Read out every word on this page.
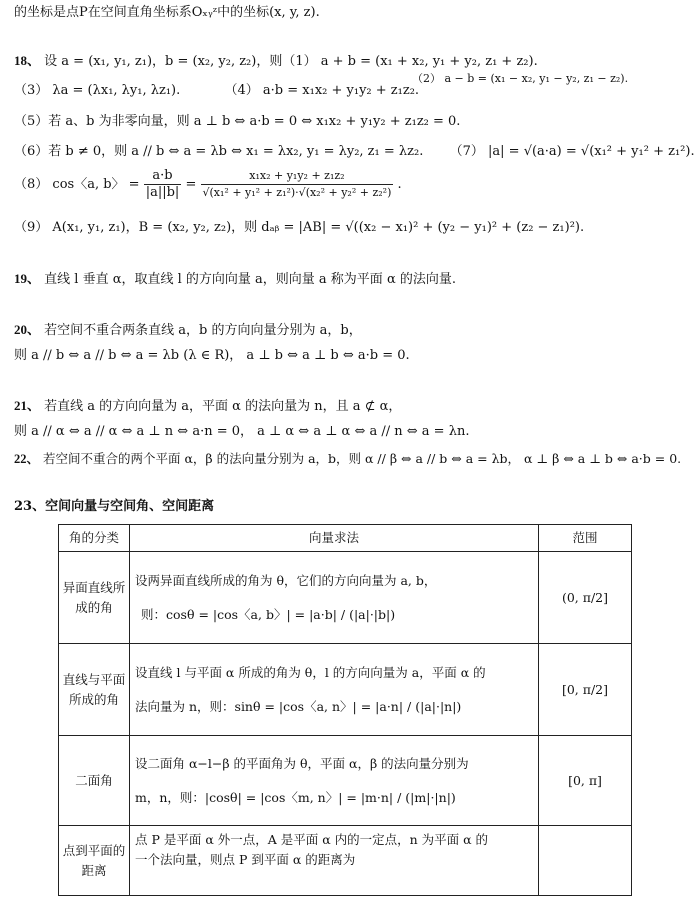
的坐标是点P在空间直角坐标系Oₓᵧᶻ中的坐标(x, y, z).
18、 设 a = (x₁, y₁, z₁)，b = (x₂, y₂, z₂)，则（1） a + b = (x₁ + x₂, y₁ + y₂, z₁ + z₂).
（2） a − b = (x₁ − x₂, y₁ − y₂, z₁ − z₂).
（3） λa = (λx₁, λy₁, λz₁).	（4） a·b = x₁x₂ + y₁y₂ + z₁z₂.
（5）若 a、b 为非零向量，则 a ⊥ b ⇔ a·b = 0 ⇔ x₁x₂ + y₁y₂ + z₁z₂ = 0.
（6）若 b ≠ 0，则 a // b ⇔ a = λb ⇔ x₁ = λx₂, y₁ = λy₂, z₁ = λz₂. （7） |a| = √(a·a) = √(x₁² + y₁² + z₁²).
（8） cos〈a, b〉 = $\frac{a\cdot b}{|a||b|} = \frac{\text{x₁x₂ + y₁y₂ + z₁z₂}}{\text{√(x₁² + y₁² + z₁²)·√(x₂² + y₂² + z₂²)}}$ .
（9） A(x₁, y₁, z₁)，B = (x₂, y₂, z₂)，则 dₐᵦ = |AB| = √((x₂ − x₁)² + (y₂ − y₁)² + (z₂ − z₁)²).
19、 直线 l 垂直 α，取直线 l 的方向向量 a，则向量 a 称为平面 α 的法向量.
20、 若空间不重合两条直线 a，b 的方向向量分别为 a，b，
则 a // b ⇔ a // b ⇔ a = λb (λ ∈ R)， a ⊥ b ⇔ a ⊥ b ⇔ a·b = 0.
21、 若直线 a 的方向向量为 a，平面 α 的法向量为 n，且 a ⊄ α，
则 a // α ⇔ a // α ⇔ a ⊥ n ⇔ a·n = 0， a ⊥ α ⇔ a ⊥ α ⇔ a // n ⇔ a = λn.
22、 若空间不重合的两个平面 α，β 的法向量分别为 a，b，则 α // β ⇔ a // b ⇔ a = λb， α ⊥ β ⇔ a ⊥ b ⇔ a·b = 0.
23、空间向量与空间角、空间距离
角的分类	向量求法	范围
异面直线所成的角	设两异面直线所成的角为 θ，它们的方向向量为 a, b，
则：cosθ = |cos〈a, b〉| = |a·b| / (|a|·|b|)	(0, π/2]
直线与平面所成的角	设直线 l 与平面 α 所成的角为 θ，l 的方向向量为 a，平面 α 的
法向量为 n，则：sinθ = |cos〈a, n〉| = |a·n| / (|a|·|n|)	[0, π/2]
二面角	设二面角 α−l−β 的平面角为 θ，平面 α，β 的法向量分别为
m，n，则：|cosθ| = |cos〈m, n〉| = |m·n| / (|m|·|n|)	[0, π]
点到平面的距离	点 P 是平面 α 外一点，A 是平面 α 内的一定点，n 为平面 α 的
一个法向量，则点 P 到平面 α 的距离为	
